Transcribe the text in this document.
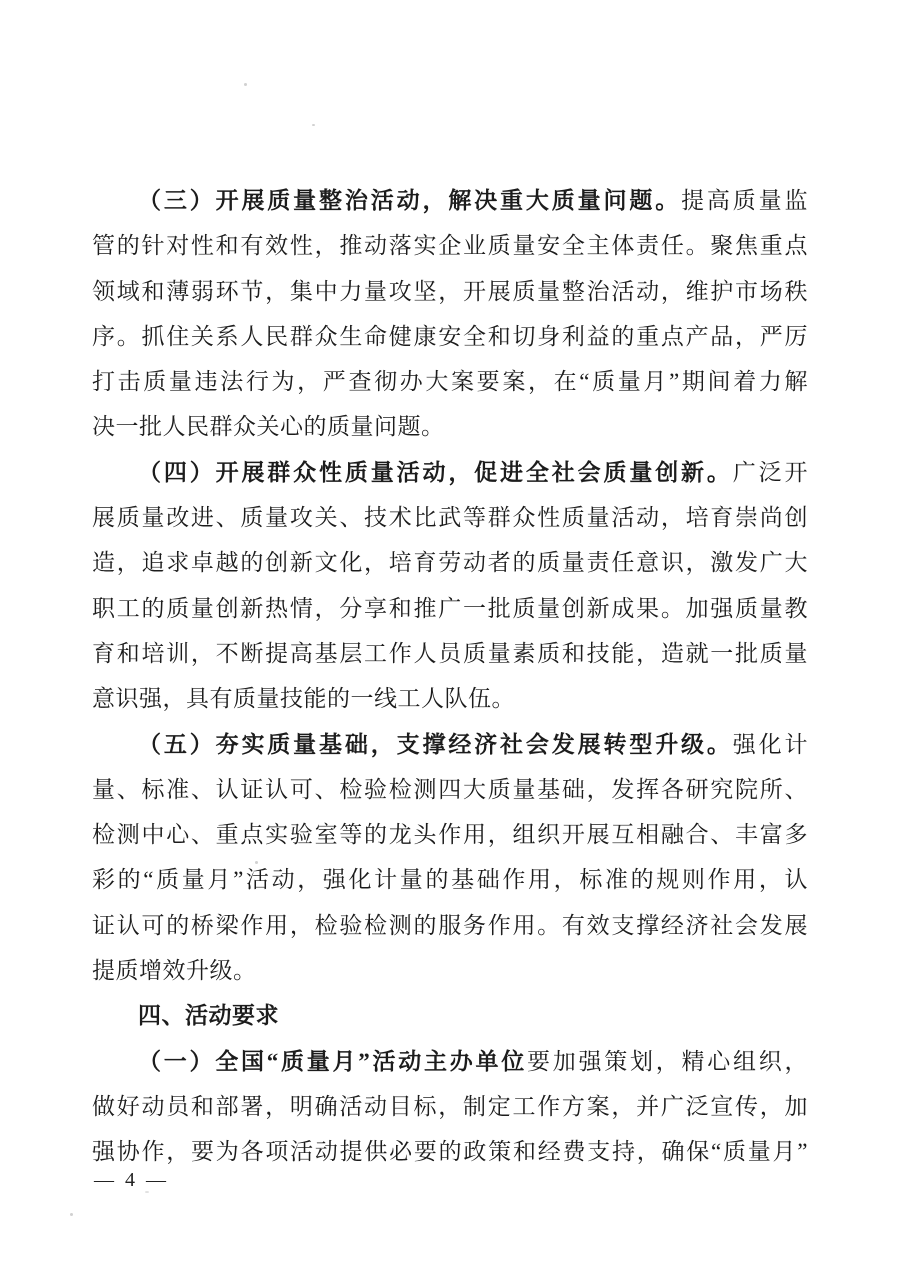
（三）开展质量整治活动，解决重大质量问题。提高质量监
管的针对性和有效性，推动落实企业质量安全主体责任。聚焦重点
领域和薄弱环节，集中力量攻坚，开展质量整治活动，维护市场秩
序。抓住关系人民群众生命健康安全和切身利益的重点产品，严厉
打击质量违法行为，严查彻办大案要案，在“质量月”期间着力解
决一批人民群众关心的质量问题。
（四）开展群众性质量活动，促进全社会质量创新。广泛开
展质量改进、质量攻关、技术比武等群众性质量活动，培育崇尚创
造，追求卓越的创新文化，培育劳动者的质量责任意识，激发广大
职工的质量创新热情，分享和推广一批质量创新成果。加强质量教
育和培训，不断提高基层工作人员质量素质和技能，造就一批质量
意识强，具有质量技能的一线工人队伍。
（五）夯实质量基础，支撑经济社会发展转型升级。强化计
量、标准、认证认可、检验检测四大质量基础，发挥各研究院所、
检测中心、重点实验室等的龙头作用，组织开展互相融合、丰富多
彩的“质量月”活动，强化计量的基础作用，标准的规则作用，认
证认可的桥梁作用，检验检测的服务作用。有效支撑经济社会发展
提质增效升级。
四、活动要求
（一）全国“质量月”活动主办单位要加强策划，精心组织，
做好动员和部署，明确活动目标，制定工作方案，并广泛宣传，加
强协作，要为各项活动提供必要的政策和经费支持，确保“质量月”
— 4 —
